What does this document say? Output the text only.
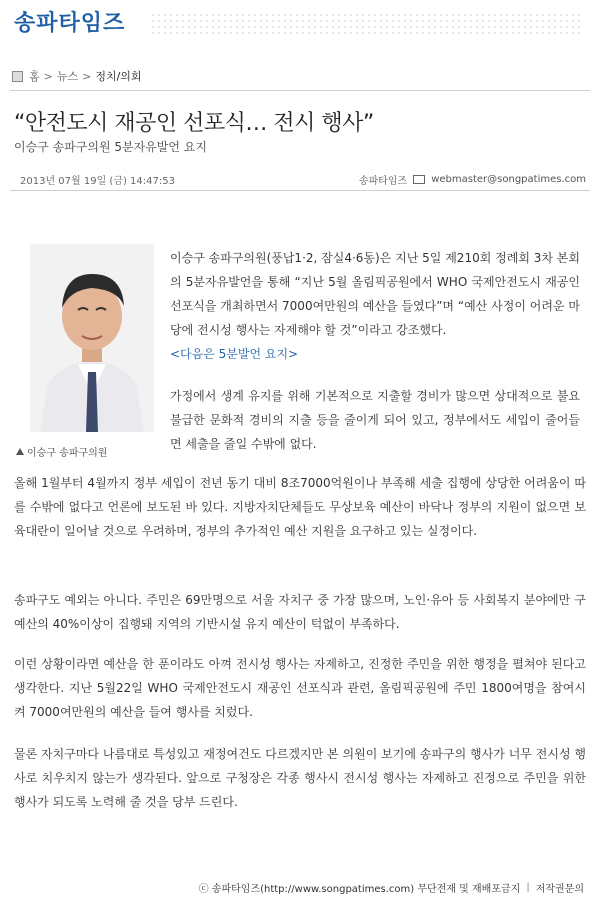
송파타임즈
홈 > 뉴스 > 정치/의회
“안전도시 재공인 선포식… 전시 행사”
이승구 송파구의원 5분자유발언 요지
2013년 07월 19일 (금) 14:47:53	송파타임즈 webmaster@songpatimes.com
이승구 송파구의원

이승구 송파구의원(풍납1·2, 잠실4·6동)은 지난 5일 제210회 정례회 3차 본회의 5분자유발언을 통해 “지난 5월 올림픽공원에서 WHO 국제안전도시 재공인 선포식을 개최하면서 7000여만원의 예산을 들였다”며 “예산 사정이 어려운 마당에 전시성 행사는 자제해야 할 것”이라고 강조했다.

<다음은 5분발언 요지>

가정에서 생계 유지를 위해 기본적으로 지출할 경비가 많으면 상대적으로 불요불급한 문화적 경비의 지출 등을 줄이게 되어 있고, 정부에서도 세입이 줄어들면 세출을 줄일 수밖에 없다.

올해 1월부터 4월까지 정부 세입이 전년 동기 대비 8조7000억원이나 부족해 세출 집행에 상당한 어려움이 따를 수밖에 없다고 언론에 보도된 바 있다. 지방자치단체들도 무상보육 예산이 바닥나 정부의 지원이 없으면 보육대란이 일어날 것으로 우려하며, 정부의 추가적인 예산 지원을 요구하고 있는 실정이다.

송파구도 예외는 아니다. 주민은 69만명으로 서울 자치구 중 가장 많으며, 노인·유아 등 사회복지 분야에만 구 예산의 40%이상이 집행돼 지역의 기반시설 유지 예산이 턱없이 부족하다.

이런 상황이라면 예산을 한 푼이라도 아껴 전시성 행사는 자제하고, 진정한 주민을 위한 행정을 펼쳐야 된다고 생각한다. 지난 5월22일 WHO 국제안전도시 재공인 선포식과 관련, 올림픽공원에 주민 1800여명을 참여시켜 7000여만원의 예산을 들여 행사를 치렀다.

물론 자치구마다 나름대로 특성있고 재정여건도 다르겠지만 본 의원이 보기에 송파구의 행사가 너무 전시성 행사로 치우치지 않는가 생각된다. 앞으로 구청장은 각종 행사시 전시성 행사는 자제하고 진정으로 주민을 위한 행사가 되도록 노력해 줄 것을 당부 드린다.

ⓒ 송파타임즈(http://www.songpatimes.com) 무단전재 및 재배포금지 | 저작권문의
